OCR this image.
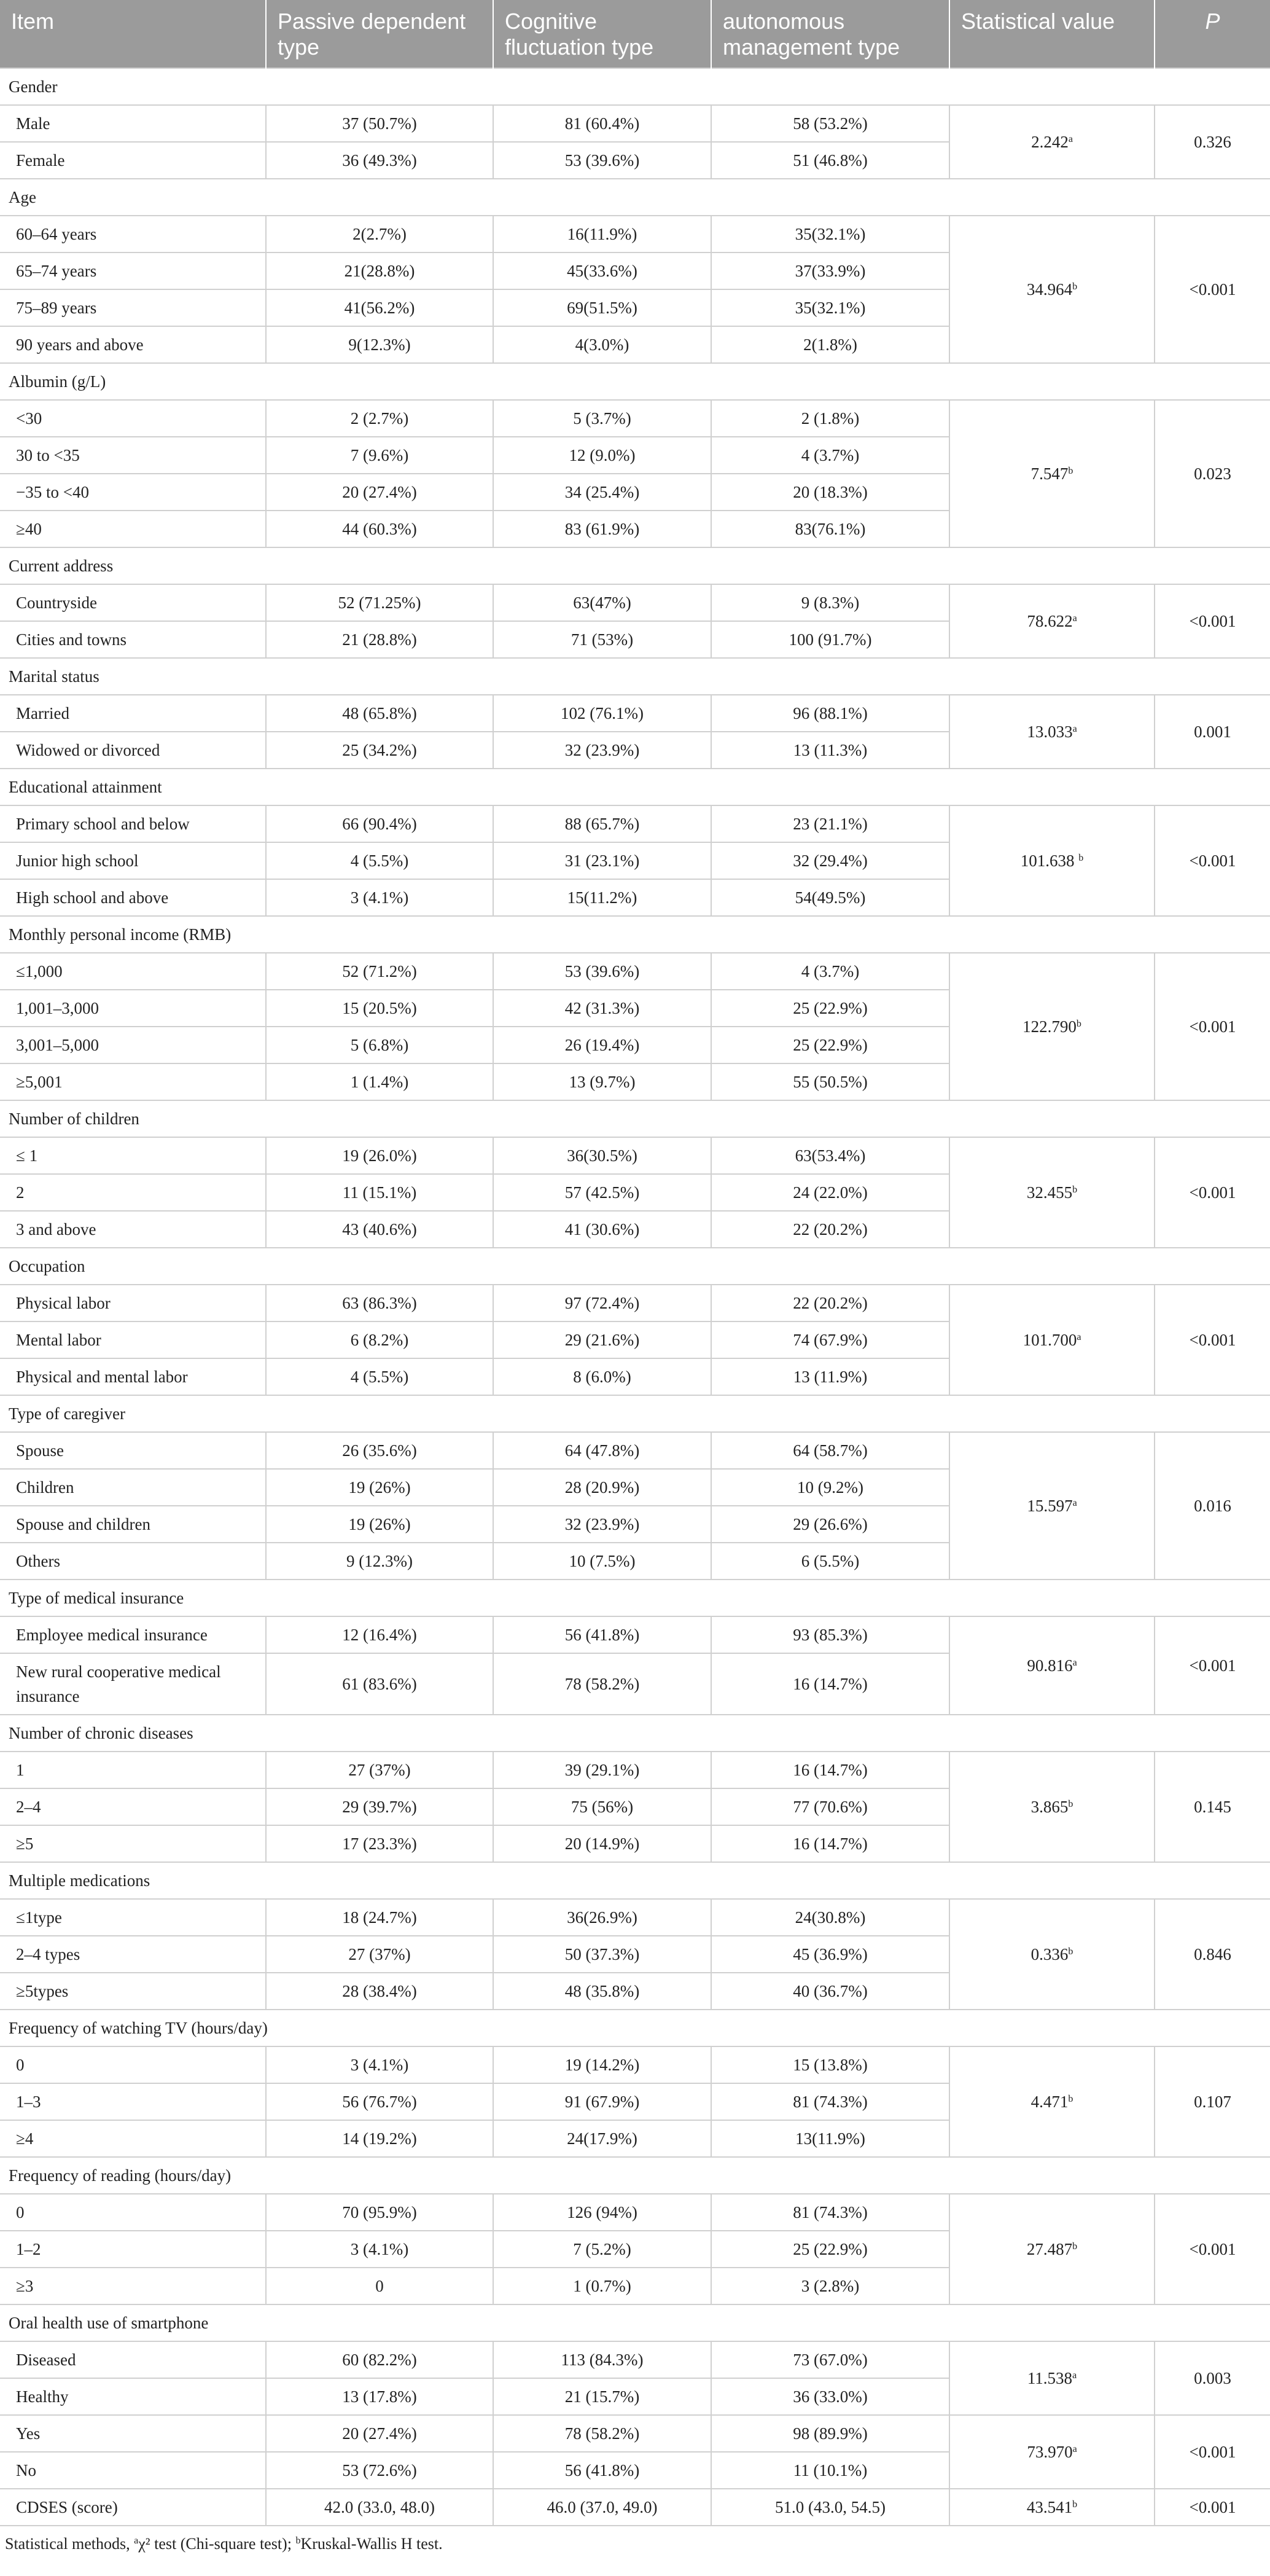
Item	Passive dependent type	Cognitive fluctuation type	autonomous management type	Statistical value	P
Gender					
Male	37 (50.7%)	81 (60.4%)	58 (53.2%)	2.242$^a$	0.326
Female	36 (49.3%)	53 (39.6%)	51 (46.8%)		
Age					
60–64 years	2(2.7%)	16(11.9%)	35(32.1%)	34.964$^b$	<0.001
65–74 years	21(28.8%)	45(33.6%)	37(33.9%)		
75–89 years	41(56.2%)	69(51.5%)	35(32.1%)		
90 years and above	9(12.3%)	4(3.0%)	2(1.8%)		
Albumin (g/L)					
<30	2 (2.7%)	5 (3.7%)	2 (1.8%)	7.547$^b$	0.023
30 to <35	7 (9.6%)	12 (9.0%)	4 (3.7%)		
−35 to <40	20 (27.4%)	34 (25.4%)	20 (18.3%)		
≥40	44 (60.3%)	83 (61.9%)	83(76.1%)		
Current address					
Countryside	52 (71.25%)	63(47%)	9 (8.3%)	78.622$^a$	<0.001
Cities and towns	21 (28.8%)	71 (53%)	100 (91.7%)		
Marital status					
Married	48 (65.8%)	102 (76.1%)	96 (88.1%)	13.033$^a$	0.001
Widowed or divorced	25 (34.2%)	32 (23.9%)	13 (11.3%)		
Educational attainment					
Primary school and below	66 (90.4%)	88 (65.7%)	23 (21.1%)	101.638 $^b$	<0.001
Junior high school	4 (5.5%)	31 (23.1%)	32 (29.4%)		
High school and above	3 (4.1%)	15(11.2%)	54(49.5%)		
Monthly personal income (RMB)					
≤1,000	52 (71.2%)	53 (39.6%)	4 (3.7%)	122.790$^b$	<0.001
1,001–3,000	15 (20.5%)	42 (31.3%)	25 (22.9%)		
3,001–5,000	5 (6.8%)	26 (19.4%)	25 (22.9%)		
≥5,001	1 (1.4%)	13 (9.7%)	55 (50.5%)		
Number of children					
≤ 1	19 (26.0%)	36(30.5%)	63(53.4%)	32.455$^b$	<0.001
2	11 (15.1%)	57 (42.5%)	24 (22.0%)		
3 and above	43 (40.6%)	41 (30.6%)	22 (20.2%)		
Occupation					
Physical labor	63 (86.3%)	97 (72.4%)	22 (20.2%)	101.700$^a$	<0.001
Mental labor	6 (8.2%)	29 (21.6%)	74 (67.9%)		
Physical and mental labor	4 (5.5%)	8 (6.0%)	13 (11.9%)		
Type of caregiver					
Spouse	26 (35.6%)	64 (47.8%)	64 (58.7%)	15.597$^a$	0.016
Children	19 (26%)	28 (20.9%)	10 (9.2%)		
Spouse and children	19 (26%)	32 (23.9%)	29 (26.6%)		
Others	9 (12.3%)	10 (7.5%)	6 (5.5%)		
Type of medical insurance					
Employee medical insurance	12 (16.4%)	56 (41.8%)	93 (85.3%)	90.816$^a$	<0.001
New rural cooperative medical insurance	61 (83.6%)	78 (58.2%)	16 (14.7%)		
Number of chronic diseases					
1	27 (37%)	39 (29.1%)	16 (14.7%)	3.865$^b$	0.145
2–4	29 (39.7%)	75 (56%)	77 (70.6%)		
≥5	17 (23.3%)	20 (14.9%)	16 (14.7%)		
Multiple medications					
≤1type	18 (24.7%)	36(26.9%)	24(30.8%)	0.336$^b$	0.846
2–4 types	27 (37%)	50 (37.3%)	45 (36.9%)		
≥5types	28 (38.4%)	48 (35.8%)	40 (36.7%)		
Frequency of watching TV (hours/day)					
0	3 (4.1%)	19 (14.2%)	15 (13.8%)	4.471$^b$	0.107
1–3	56 (76.7%)	91 (67.9%)	81 (74.3%)		
≥4	14 (19.2%)	24(17.9%)	13(11.9%)		
Frequency of reading (hours/day)					
0	70 (95.9%)	126 (94%)	81 (74.3%)	27.487$^b$	<0.001
1–2	3 (4.1%)	7 (5.2%)	25 (22.9%)		
≥3	0	1 (0.7%)	3 (2.8%)		
Oral health use of smartphone					
Diseased	60 (82.2%)	113 (84.3%)	73 (67.0%)	11.538$^a$	0.003
Healthy	13 (17.8%)	21 (15.7%)	36 (33.0%)		
Yes	20 (27.4%)	78 (58.2%)	98 (89.9%)	73.970$^a$	<0.001
No	53 (72.6%)	56 (41.8%)	11 (10.1%)		
CDSES (score)	42.0 (33.0, 48.0)	46.0 (37.0, 49.0)	51.0 (43.0, 54.5)	43.541$^b$	<0.001
Statistical methods, $^a$χ² test (Chi-square test); $^b$Kruskal-Wallis H test.
